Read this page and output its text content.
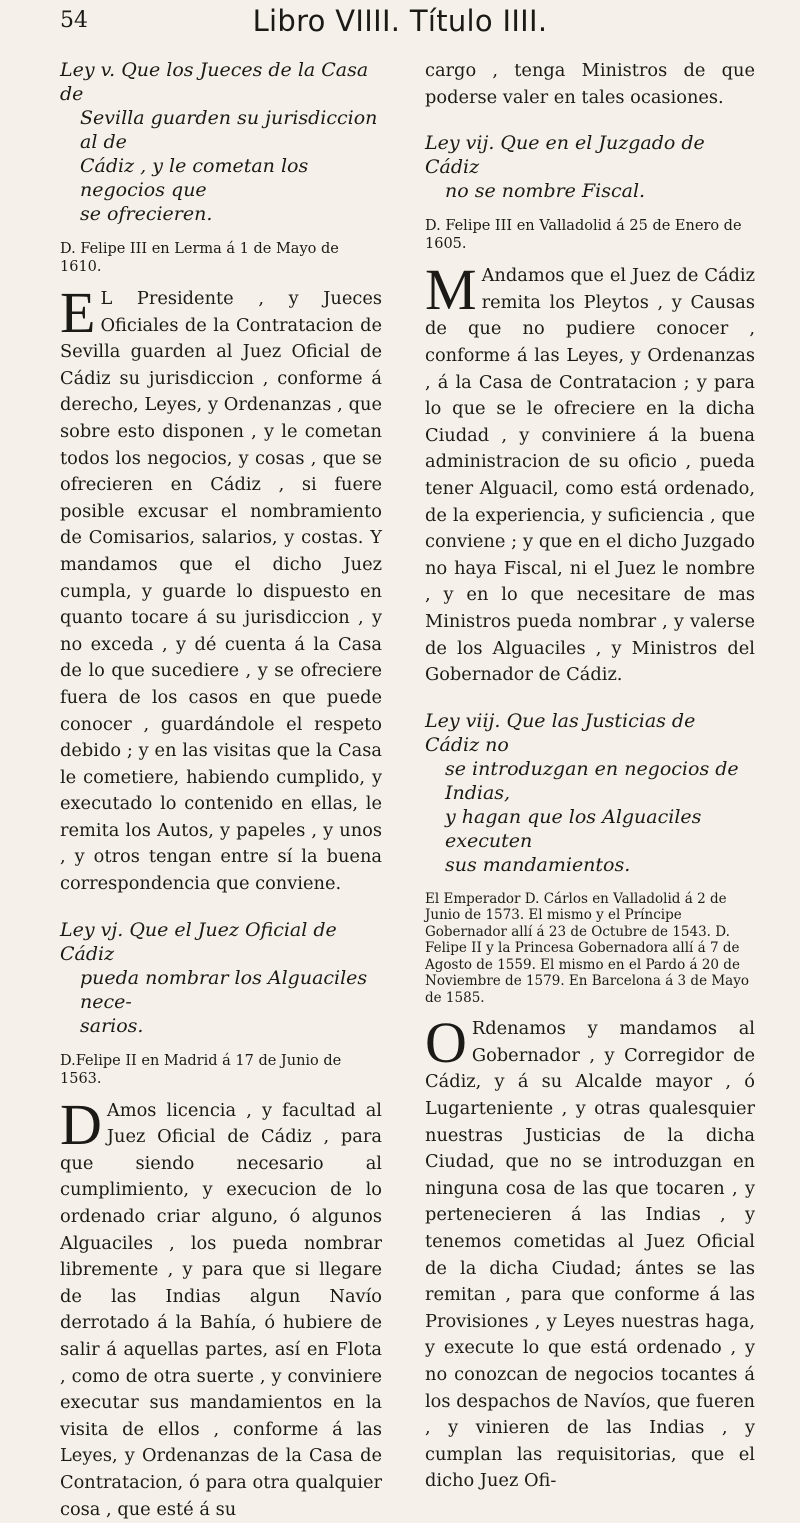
54	Libro VIIII. Título IIII.
Ley v. Que los Jueces de la Casa de
Sevilla guarden su jurisdiccion al de
Cádiz , y le cometan los negocios que
se ofrecieren.
D. Felipe III en Lerma á 1 de Mayo de 1610.

E L Presidente , y Jueces Oficiales de la Contratacion de Sevilla guarden al Juez Oficial de Cádiz su jurisdiccion , conforme á derecho, Leyes, y Ordenanzas , que sobre esto disponen , y le cometan todos los negocios, y cosas , que se ofrecieren en Cádiz , si fuere posible excusar el nombramiento de Comisarios, salarios, y costas. Y mandamos que el dicho Juez cumpla, y guarde lo dispuesto en quanto tocare á su jurisdiccion , y no exceda , y dé cuenta á la Casa de lo que sucediere , y se ofreciere fuera de los casos en que puede conocer , guardándole el respeto debido ; y en las visitas que la Casa le cometiere, habiendo cumplido, y executado lo contenido en ellas, le remita los Autos, y papeles , y unos , y otros tengan entre sí la buena correspondencia que conviene.

Ley vj. Que el Juez Oficial de Cádiz
pueda nombrar los Alguaciles nece-
sarios.
D.Felipe II en Madrid á 17 de Junio de 1563.

D Amos licencia , y facultad al Juez Oficial de Cádiz , para que siendo necesario al cumplimiento, y execucion de lo ordenado criar alguno, ó algunos Alguaciles , los pueda nombrar libremente , y para que si llegare de las Indias algun Navío derrotado á la Bahía, ó hubiere de salir á aquellas partes, así en Flota , como de otra suerte , y conviniere executar sus mandamientos en la visita de ellos , conforme á las Leyes, y Ordenanzas de la Casa de Contratacion, ó para otra qualquier cosa , que esté á su

cargo , tenga Ministros de que poderse valer en tales ocasiones.

Ley vij. Que en el Juzgado de Cádiz
no se nombre Fiscal.
D. Felipe III en Valladolid á 25 de Enero de 1605.

M Andamos que el Juez de Cádiz remita los Pleytos , y Causas de que no pudiere conocer , conforme á las Leyes, y Ordenanzas , á la Casa de Contratacion ; y para lo que se le ofreciere en la dicha Ciudad , y conviniere á la buena administracion de su oficio , pueda tener Alguacil, como está ordenado, de la experiencia, y suficiencia , que conviene ; y que en el dicho Juzgado no haya Fiscal, ni el Juez le nombre , y en lo que necesitare de mas Ministros pueda nombrar , y valerse de los Alguaciles , y Ministros del Gobernador de Cádiz.

Ley viij. Que las Justicias de Cádiz no
se introduzgan en negocios de Indias,
y hagan que los Alguaciles executen
sus mandamientos.
El Emperador D. Cárlos en Valladolid á 2 de Junio de 1573. El mismo y el Príncipe Gobernador allí á 23 de Octubre de 1543. D. Felipe II y la Princesa Gobernadora allí á 7 de Agosto de 1559. El mismo en el Pardo á 20 de Noviembre de 1579. En Barcelona á 3 de Mayo de 1585.

O Rdenamos y mandamos al Gobernador , y Corregidor de Cádiz, y á su Alcalde mayor , ó Lugarteniente , y otras qualesquier nuestras Justicias de la dicha Ciudad, que no se introduzgan en ninguna cosa de las que tocaren , y pertenecieren á las Indias , y tenemos cometidas al Juez Oficial de la dicha Ciudad; ántes se las remitan , para que conforme á las Provisiones , y Leyes nuestras haga, y execute lo que está ordenado , y no conozcan de negocios tocantes á los despachos de Navíos, que fueren , y vinieren de las Indias , y cumplan las requisitorias, que el dicho Juez Ofi-
